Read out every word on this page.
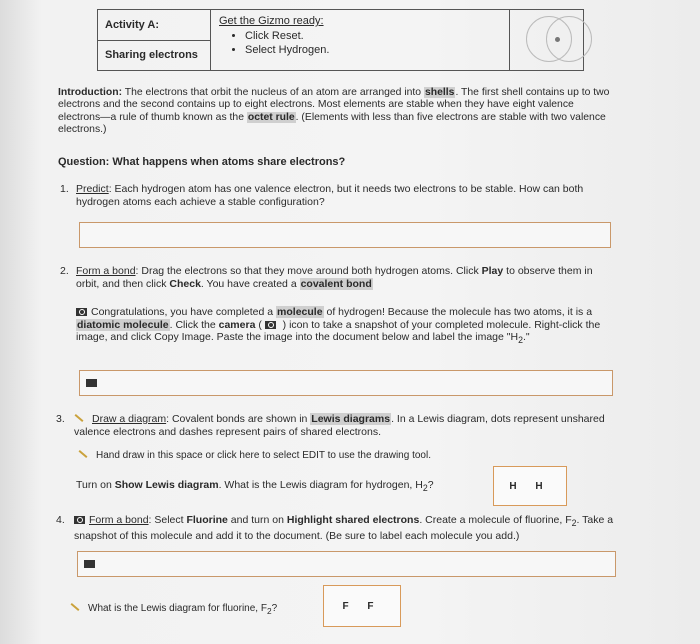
Activity A:
Sharing electrons
Get the Gizmo ready:
• Click Reset.
• Select Hydrogen.

Introduction: The electrons that orbit the nucleus of an atom are arranged into shells. The first shell contains up to two electrons and the second contains up to eight electrons. Most elements are stable when they have eight valence electrons—a rule of thumb known as the octet rule. (Elements with less than five electrons are stable with two valence electrons.)

Question: What happens when atoms share electrons?

1. Predict: Each hydrogen atom has one valence electron, but it needs two electrons to be stable. How can both hydrogen atoms each achieve a stable configuration?

2. Form a bond: Drag the electrons so that they move around both hydrogen atoms. Click Play to observe them in orbit, and then click Check. You have created a covalent bond

Congratulations, you have completed a molecule of hydrogen! Because the molecule has two atoms, it is a diatomic molecule. Click the camera (  ) icon to take a snapshot of your completed molecule. Right-click the image, and click Copy Image. Paste the image into the document below and label the image "$H_2$."

3.	Draw a diagram: Covalent bonds are shown in Lewis diagrams. In a Lewis diagram, dots represent unshared valence electrons and dashes represent pairs of shared electrons.

Hand draw in this space or click here to select EDIT to use the drawing tool.

Turn on Show Lewis diagram. What is the Lewis diagram for hydrogen, $H_2$?	H H
4.	Form a bond: Select Fluorine and turn on Highlight shared electrons. Create a molecule of fluorine, $F_2$. Take a snapshot of this molecule and add it to the document. (Be sure to label each molecule you add.)

What is the Lewis diagram for fluorine, $F_2$?	F F
